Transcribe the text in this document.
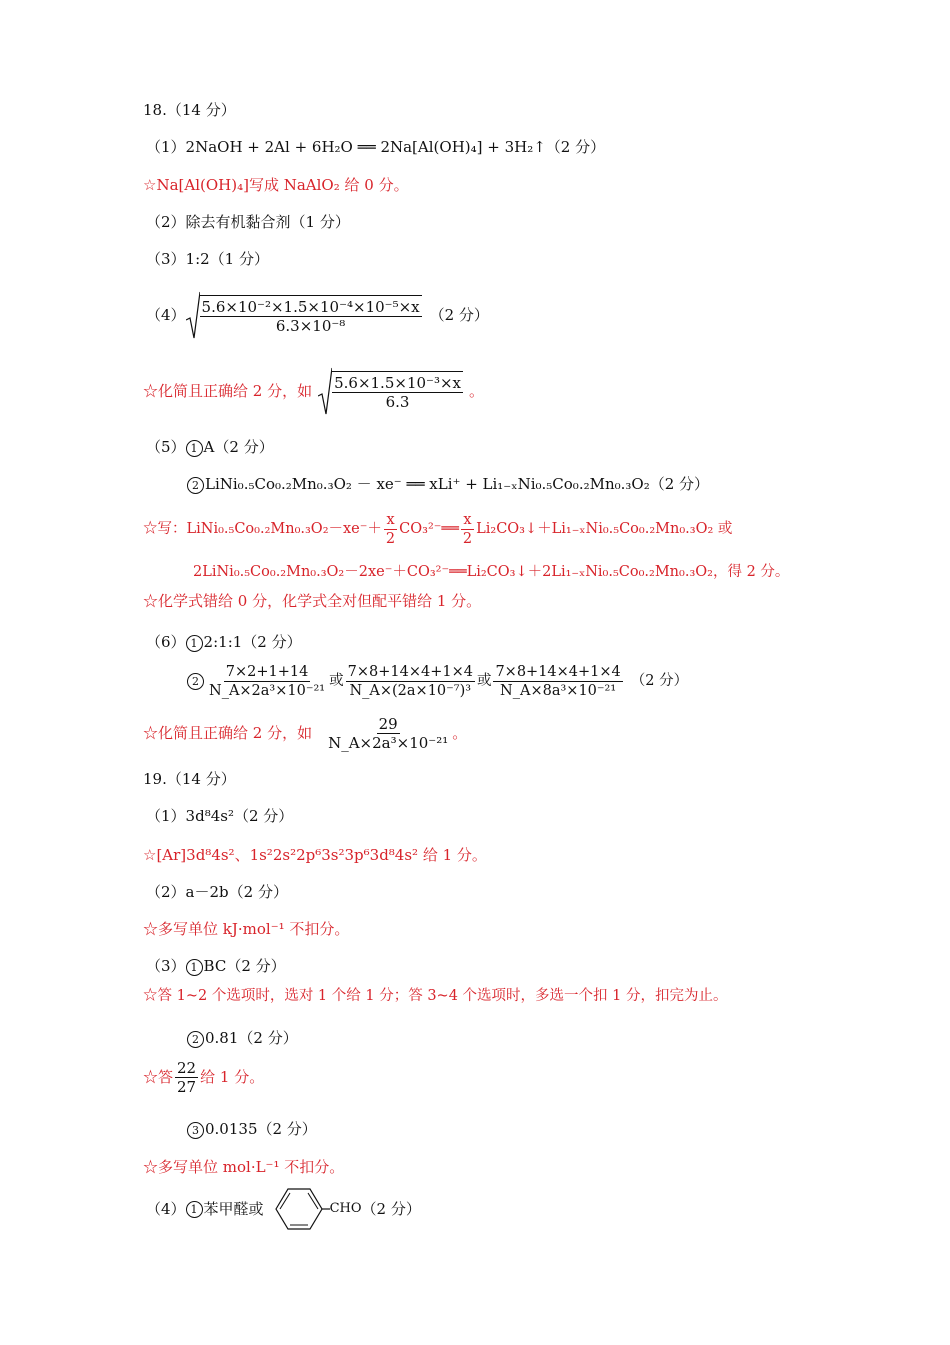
18.（14 分）
（1）2NaOH + 2Al + 6H₂O ══ 2Na[Al(OH)₄] + 3H₂↑（2 分）
☆Na[Al(OH)₄]写成 NaAlO₂ 给 0 分。
（2）除去有机黏合剂（1 分）
（3）1:2（1 分）
$(4) \frac{\text{5.6×10⁻²×1.5×10⁻⁴×10⁻⁵×x}}{\text{6.3×10⁻⁸}} (2$ 分）
☆化简且正确给 2 分，如 $\frac{\text{5.6×1.5×10⁻³×x}}{6.3}$ 。
（5） 1 A（2 分）
2 LiNi₀.₅Co₀.₂Mn₀.₃O₂ － xe⁻ ══ xLi⁺ + Li₁₋ₓNi₀.₅Co₀.₂Mn₀.₃O₂（2 分）
☆写：LiNi₀.₅Co₀.₂Mn₀.₃O₂－xe⁻＋ $\frac{x}{2}$ CO₃²⁻══ $\frac{x}{2}$ Li₂CO₃↓＋Li₁₋ₓNi₀.₅Co₀.₂Mn₀.₃O₂ 或
2LiNi₀.₅Co₀.₂Mn₀.₃O₂－2xe⁻＋CO₃²⁻══Li₂CO₃↓＋2Li₁₋ₓNi₀.₅Co₀.₂Mn₀.₃O₂，得 2 分。
☆化学式错给 0 分，化学式全对但配平错给 1 分。
（6） 1 2:1:1（2 分）
$2 \frac{7\times 2+1+14}{\text{N\_A×2a³×10⁻²¹}}$ 或 $\frac{7\times 8+14\times 4+1\times 4}{\text{N\_A×(2a×10⁻⁷)³}}$ 或 $\frac{7\times 8+14\times 4+1\times 4}{\text{N\_A×8a³×10⁻²¹}} (2$ 分）
☆化简且正确给 2 分，如 $\frac{29}{\text{N\_A×2a³×10⁻²¹}}$ 。
19.（14 分）
（1）3d⁸4s²（2 分）
☆[Ar]3d⁸4s²、1s²2s²2p⁶3s²3p⁶3d⁸4s² 给 1 分。
（2）a－2b（2 分）
☆多写单位 kJ·mol⁻¹ 不扣分。
（3） 1 BC（2 分）
☆答 1~2 个选项时，选对 1 个给 1 分；答 3~4 个选项时，多选一个扣 1 分，扣完为止。
2 0.81（2 分）
☆答 $\frac{22}{27}$ 给 1 分。
3 0.0135（2 分）
☆多写单位 mol·L⁻¹ 不扣分。
（4） 1 苯甲醛或	CHO （2 分）
